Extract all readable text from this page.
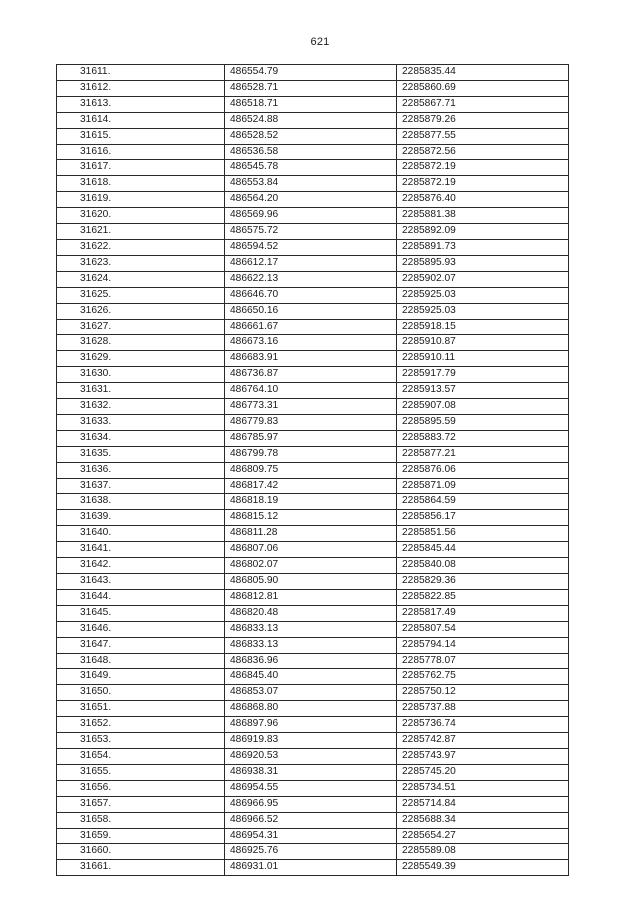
621
31611.	486554.79	2285835.44
31612.	486528.71	2285860.69
31613.	486518.71	2285867.71
31614.	486524.88	2285879.26
31615.	486528.52	2285877.55
31616.	486536.58	2285872.56
31617.	486545.78	2285872.19
31618.	486553.84	2285872.19
31619.	486564.20	2285876.40
31620.	486569.96	2285881.38
31621.	486575.72	2285892.09
31622.	486594.52	2285891.73
31623.	486612.17	2285895.93
31624.	486622.13	2285902.07
31625.	486646.70	2285925.03
31626.	486650.16	2285925.03
31627.	486661.67	2285918.15
31628.	486673.16	2285910.87
31629.	486683.91	2285910.11
31630.	486736.87	2285917.79
31631.	486764.10	2285913.57
31632.	486773.31	2285907.08
31633.	486779.83	2285895.59
31634.	486785.97	2285883.72
31635.	486799.78	2285877.21
31636.	486809.75	2285876.06
31637.	486817.42	2285871.09
31638.	486818.19	2285864.59
31639.	486815.12	2285856.17
31640.	486811.28	2285851.56
31641.	486807.06	2285845.44
31642.	486802.07	2285840.08
31643.	486805.90	2285829.36
31644.	486812.81	2285822.85
31645.	486820.48	2285817.49
31646.	486833.13	2285807.54
31647.	486833.13	2285794.14
31648.	486836.96	2285778.07
31649.	486845.40	2285762.75
31650.	486853.07	2285750.12
31651.	486868.80	2285737.88
31652.	486897.96	2285736.74
31653.	486919.83	2285742.87
31654.	486920.53	2285743.97
31655.	486938.31	2285745.20
31656.	486954.55	2285734.51
31657.	486966.95	2285714.84
31658.	486966.52	2285688.34
31659.	486954.31	2285654.27
31660.	486925.76	2285589.08
31661.	486931.01	2285549.39
